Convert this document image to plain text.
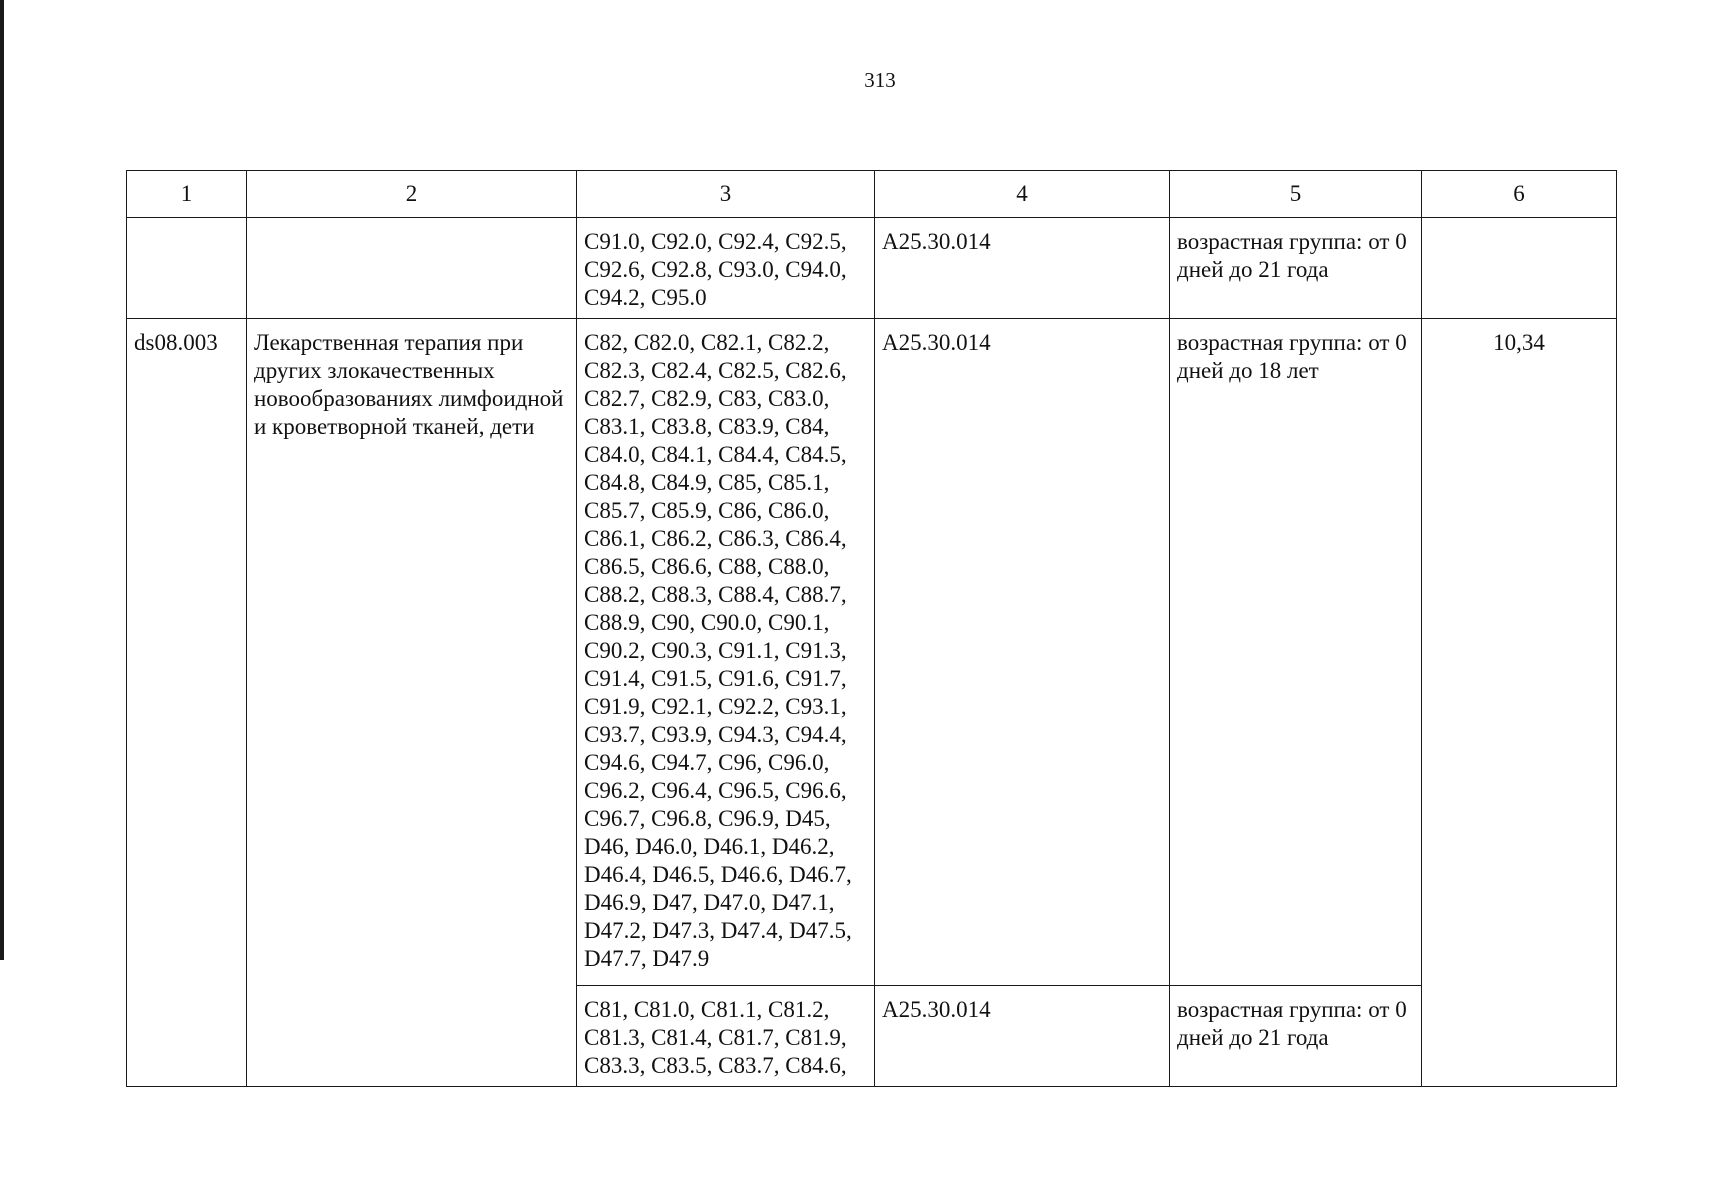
313
1	2	3	4	5	6
		C91.0, C92.0, C92.4, C92.5, C92.6, C92.8, C93.0, C94.0, C94.2, C95.0	A25.30.014	возрастная группа: от 0 дней до 21 года	
ds08.003	Лекарственная терапия при других злокачественных новообразованиях лимфоидной и кроветворной тканей, дети	C82, C82.0, C82.1, C82.2, C82.3, C82.4, C82.5, C82.6, C82.7, C82.9, C83, C83.0, C83.1, C83.8, C83.9, C84, C84.0, C84.1, C84.4, C84.5, C84.8, C84.9, C85, C85.1, C85.7, C85.9, C86, C86.0, C86.1, C86.2, C86.3, C86.4, C86.5, C86.6, C88, C88.0, C88.2, C88.3, C88.4, C88.7, C88.9, C90, C90.0, C90.1, C90.2, C90.3, C91.1, C91.3, C91.4, C91.5, C91.6, C91.7, C91.9, C92.1, C92.2, C93.1, C93.7, C93.9, C94.3, C94.4, C94.6, C94.7, C96, C96.0, C96.2, C96.4, C96.5, C96.6, C96.7, C96.8, C96.9, D45, D46, D46.0, D46.1, D46.2, D46.4, D46.5, D46.6, D46.7, D46.9, D47, D47.0, D47.1, D47.2, D47.3, D47.4, D47.5, D47.7, D47.9	A25.30.014	возрастная группа: от 0 дней до 18 лет	10,34
		C81, C81.0, C81.1, C81.2, C81.3, C81.4, C81.7, C81.9, C83.3, C83.5, C83.7, C84.6,	A25.30.014	возрастная группа: от 0 дней до 21 года	
